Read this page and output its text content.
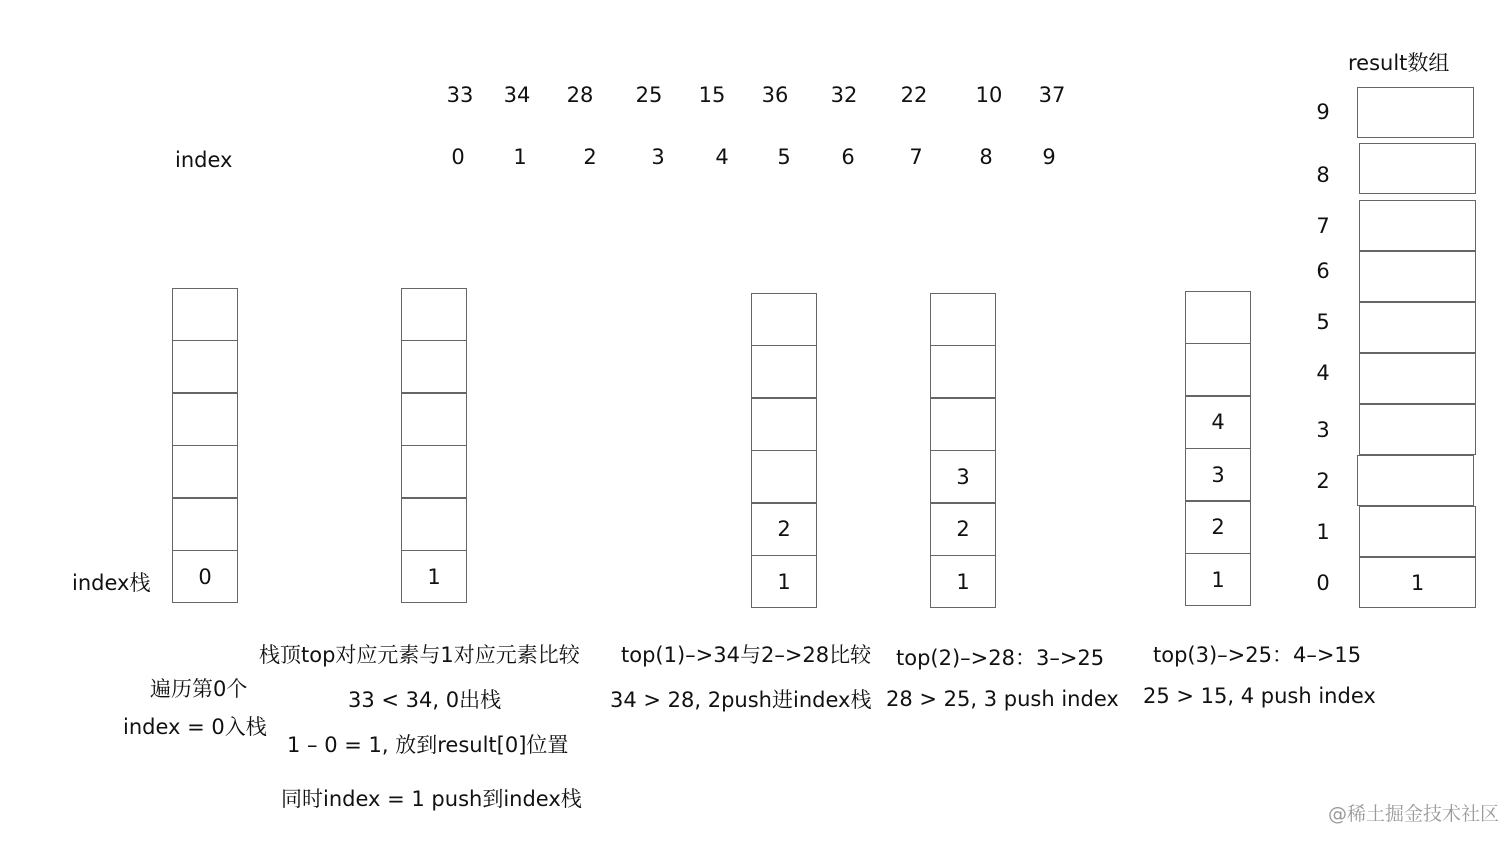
33	34	28	25	15	36	32	22	10	37
index	0	1	2	3	4	5	6	7	8	9
index栈	0	1
2
1
3
2
1
4
3
2
1
result数组
9
8
7
6
5
4
3
2
1
1
0
遍历第0个
index = 0入栈
栈顶top对应元素与1对应元素比较
33 < 34, 0出栈
1 – 0 = 1, 放到result[0]位置
同时index = 1 push到index栈
top(1)–>34与2–>28比较
34 > 28, 2push进index栈
top(2)–>28：3–>25
28 > 25, 3 push index
top(3)–>25：4–>15
25 > 15, 4 push index
@稀土掘金技术社区
